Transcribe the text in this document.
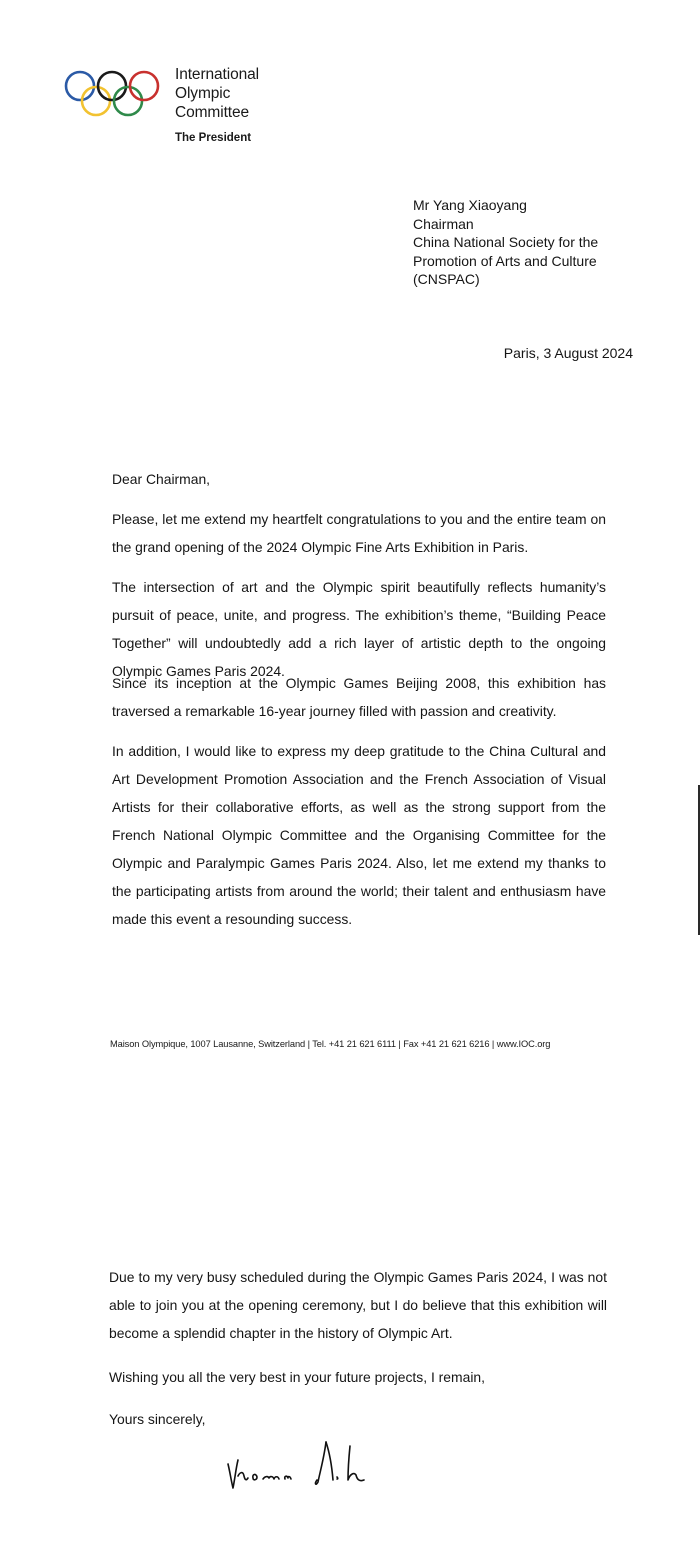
International
Olympic
Committee
The President
Mr Yang Xiaoyang
Chairman
China National Society for the
Promotion of Arts and Culture
(CNSPAC)
Paris, 3 August 2024

Dear Chairman,

Please, let me extend my heartfelt congratulations to you and the entire team on the grand opening of the 2024 Olympic Fine Arts Exhibition in Paris.

The intersection of art and the Olympic spirit beautifully reflects humanity’s pursuit of peace, unite, and progress. The exhibition’s theme, “Building Peace Together” will undoubtedly add a rich layer of artistic depth to the ongoing Olympic Games Paris 2024.

Since its inception at the Olympic Games Beijing 2008, this exhibition has traversed a remarkable 16-year journey filled with passion and creativity.

In addition, I would like to express my deep gratitude to the China Cultural and Art Development Promotion Association and the French Association of Visual Artists for their collaborative efforts, as well as the strong support from the French National Olympic Committee and the Organising Committee for the Olympic and Paralympic Games Paris 2024. Also, let me extend my thanks to the participating artists from around the world; their talent and enthusiasm have made this event a resounding success.

Maison Olympique, 1007 Lausanne, Switzerland | Tel. +41 21 621 6111 | Fax +41 21 621 6216 | www.IOC.org

Due to my very busy scheduled during the Olympic Games Paris 2024, I was not able to join you at the opening ceremony, but I do believe that this exhibition will become a splendid chapter in the history of Olympic Art.

Wishing you all the very best in your future projects, I remain,

Yours sincerely,
